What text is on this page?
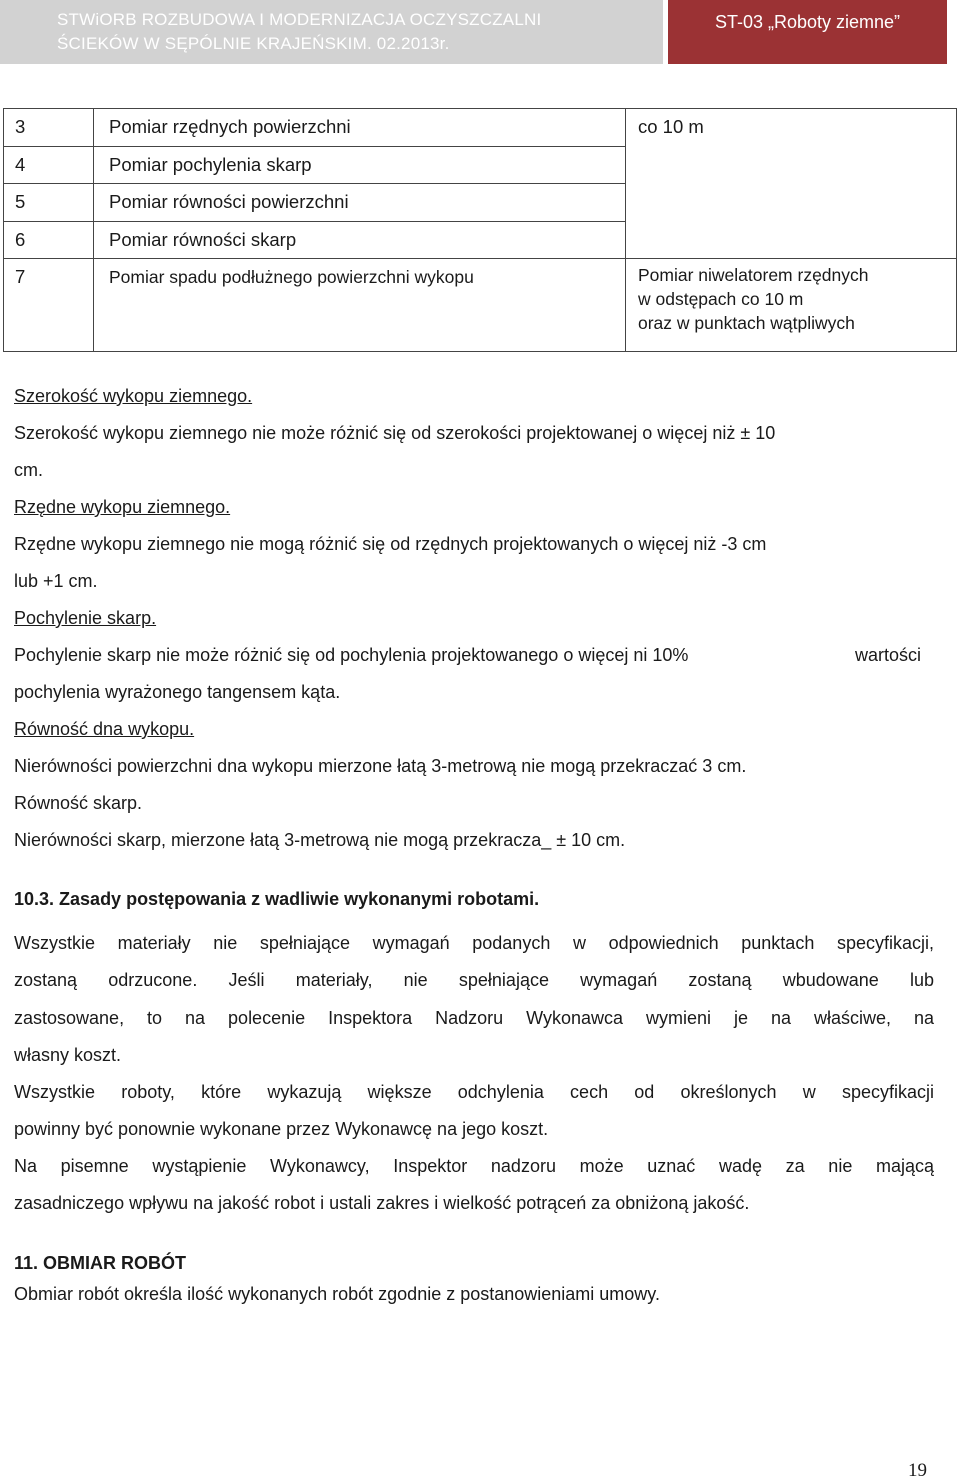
STWiORB ROZBUDOWA I MODERNIZACJA OCZYSZCZALNI
ŚCIEKÓW W SĘPÓLNIE KRAJEŃSKIM. 02.2013r.
ST-03 „Roboty ziemne”
3	Pomiar rzędnych powierzchni	co 10 m
4	Pomiar pochylenia skarp	
5	Pomiar równości powierzchni	
6	Pomiar równości skarp	
7	Pomiar spadu podłużnego powierzchni wykopu	Pomiar niwelatorem rzędnych
w odstępach co 10 m
oraz w punktach wątpliwych
Szerokość wykopu ziemnego.
Szerokość wykopu ziemnego nie może różnić się od szerokości projektowanej o więcej niż ± 10
cm.
Rzędne wykopu ziemnego.
Rzędne wykopu ziemnego nie mogą różnić się od rzędnych projektowanych o więcej niż -3 cm
lub +1 cm.
Pochylenie skarp.
Pochylenie skarp nie może różnić się od pochylenia projektowanego o więcej ni 10%	wartości
pochylenia wyrażonego tangensem kąta.
Równość dna wykopu.
Nierówności powierzchni dna wykopu mierzone łatą 3-metrową nie mogą przekraczać 3 cm.
Równość skarp.
Nierówności skarp, mierzone łatą 3-metrową nie mogą przekracza_ ± 10 cm.
10.3. Zasady postępowania z wadliwie wykonanymi robotami.
Wszystkie materiały nie spełniające wymagań podanych w odpowiednich punktach specyfikacji,
zostaną odrzucone. Jeśli materiały, nie spełniające wymagań zostaną wbudowane lub
zastosowane, to na polecenie Inspektora Nadzoru Wykonawca wymieni je na właściwe, na
własny koszt.
Wszystkie roboty, które wykazują większe odchylenia cech od określonych w specyfikacji
powinny być ponownie wykonane przez Wykonawcę na jego koszt.
Na pisemne wystąpienie Wykonawcy, Inspektor nadzoru może uznać wadę za nie mającą
zasadniczego wpływu na jakość robot i ustali zakres i wielkość potrąceń za obniżoną jakość.
11. OBMIAR ROBÓT
Obmiar robót określa ilość wykonanych robót zgodnie z postanowieniami umowy.
19
